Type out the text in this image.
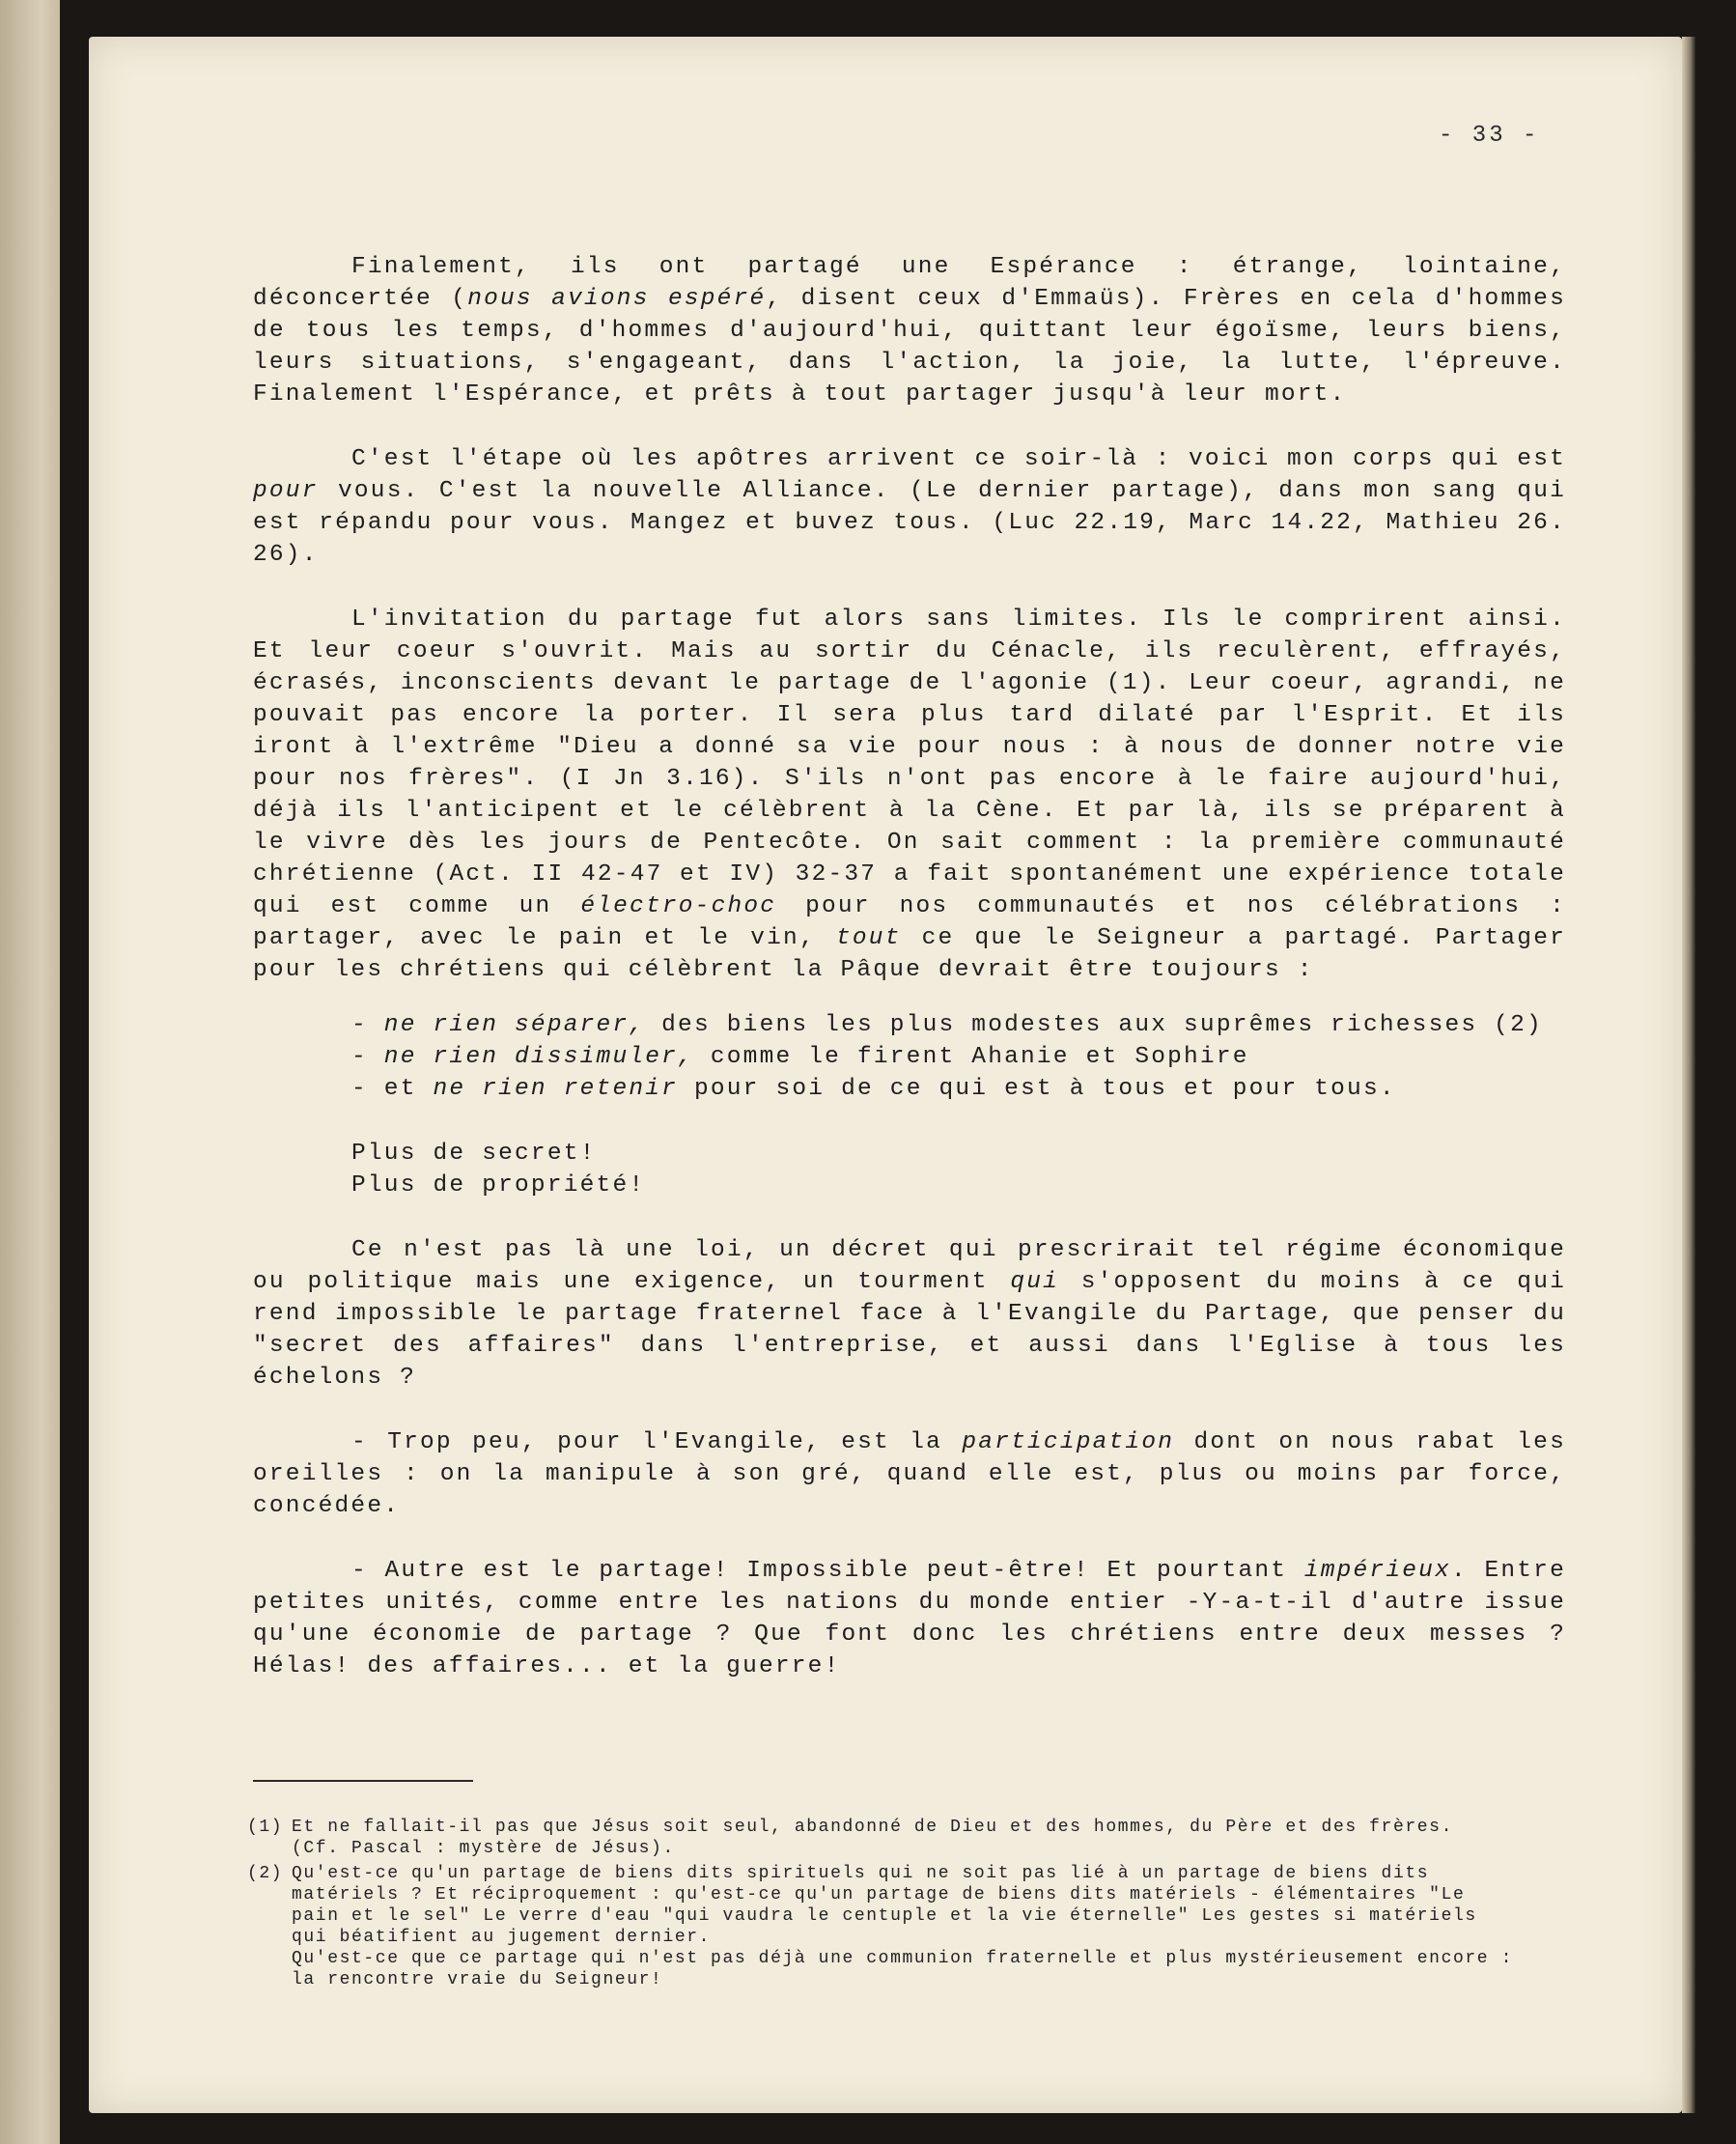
- 33 -

Finalement, ils ont partagé une Espérance : étrange, lointaine, déconcertée (nous avions espéré, disent ceux d'Emmaüs). Frères en cela d'hommes de tous les temps, d'hommes d'aujourd'hui, quittant leur égoïsme, leurs biens, leurs situations, s'engageant, dans l'action, la joie, la lutte, l'épreuve. Finalement l'Espérance, et prêts à tout partager jusqu'à leur mort.

C'est l'étape où les apôtres arrivent ce soir-là : voici mon corps qui est pour vous. C'est la nouvelle Alliance. (Le dernier partage), dans mon sang qui est répandu pour vous. Mangez et buvez tous. (Luc 22.19, Marc 14.22, Mathieu 26. 26).

L'invitation du partage fut alors sans limites. Ils le comprirent ainsi. Et leur coeur s'ouvrit. Mais au sortir du Cénacle, ils reculèrent, effrayés, écrasés, inconscients devant le partage de l'agonie (1). Leur coeur, agrandi, ne pouvait pas encore la porter. Il sera plus tard dilaté par l'Esprit. Et ils iront à l'extrême "Dieu a donné sa vie pour nous : à nous de donner notre vie pour nos frères". (I Jn 3.16). S'ils n'ont pas encore à le faire aujourd'hui, déjà ils l'anticipent et le célèbrent à la Cène. Et par là, ils se préparent à le vivre dès les jours de Pentecôte. On sait comment : la première communauté chrétienne (Act. II 42-47 et IV) 32-37 a fait spontanément une expérience totale qui est comme un électro-choc pour nos communautés et nos célébrations : partager, avec le pain et le vin, tout ce que le Seigneur a partagé. Partager pour les chrétiens qui célèbrent la Pâque devrait être toujours :

- ne rien séparer, des biens les plus modestes aux suprêmes richesses (2)
- ne rien dissimuler, comme le firent Ahanie et Sophire
- et ne rien retenir pour soi de ce qui est à tous et pour tous.
Plus de secret!
Plus de propriété!

Ce n'est pas là une loi, un décret qui prescrirait tel régime économique ou politique mais une exigence, un tourment qui s'opposent du moins à ce qui rend impossible le partage fraternel face à l'Evangile du Partage, que penser du "secret des affaires" dans l'entreprise, et aussi dans l'Eglise à tous les échelons ?

- Trop peu, pour l'Evangile, est la participation dont on nous rabat les oreilles : on la manipule à son gré, quand elle est, plus ou moins par force, concédée.

- Autre est le partage! Impossible peut-être! Et pourtant impérieux. Entre petites unités, comme entre les nations du monde entier -Y-a-t-il d'autre issue qu'une économie de partage ? Que font donc les chrétiens entre deux messes ? Hélas! des affaires... et la guerre!

(1) Et ne fallait-il pas que Jésus soit seul, abandonné de Dieu et des hommes, du Père et des frères.
(Cf. Pascal : mystère de Jésus).
(2) Qu'est-ce qu'un partage de biens dits spirituels qui ne soit pas lié à un partage de biens dits
matériels ? Et réciproquement : qu'est-ce qu'un partage de biens dits matériels - élémentaires "Le
pain et le sel" Le verre d'eau "qui vaudra le centuple et la vie éternelle" Les gestes si matériels
qui béatifient au jugement dernier.
Qu'est-ce que ce partage qui n'est pas déjà une communion fraternelle et plus mystérieusement encore :
la rencontre vraie du Seigneur!
